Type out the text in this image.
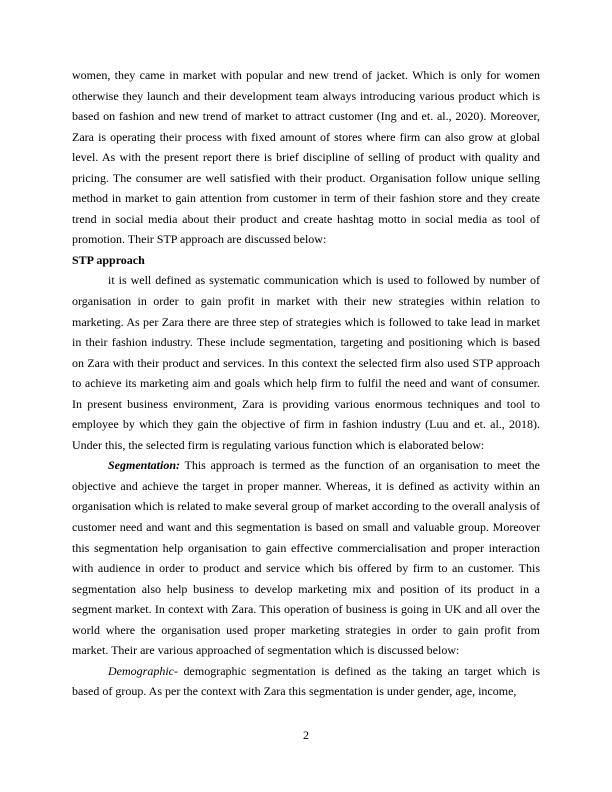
women, they came in market with popular and new trend of jacket. Which is only for women otherwise they launch and their development team always introducing various product which is based on fashion and new trend of market to attract customer (Ing and et. al., 2020). Moreover, Zara is operating their process with fixed amount of stores where firm can also grow at global level. As with the present report there is brief discipline of selling of product with quality and pricing. The consumer are well satisfied with their product. Organisation follow unique selling method in market to gain attention from customer in term of their fashion store and they create trend in social media about their product and create hashtag motto in social media as tool of promotion. Their STP approach are discussed below:

STP approach

it is well defined as systematic communication which is used to followed by number of organisation in order to gain profit in market with their new strategies within relation to marketing. As per Zara there are three step of strategies which is followed to take lead in market in their fashion industry. These include segmentation, targeting and positioning which is based on Zara with their product and services. In this context the selected firm also used STP approach to achieve its marketing aim and goals which help firm to fulfil the need and want of consumer. In present business environment, Zara is providing various enormous techniques and tool to employee by which they gain the objective of firm in fashion industry (Luu and et. al., 2018). Under this, the selected firm is regulating various function which is elaborated below:

Segmentation: This approach is termed as the function of an organisation to meet the objective and achieve the target in proper manner. Whereas, it is defined as activity within an organisation which is related to make several group of market according to the overall analysis of customer need and want and this segmentation is based on small and valuable group. Moreover this segmentation help organisation to gain effective commercialisation and proper interaction with audience in order to product and service which bis offered by firm to an customer. This segmentation also help business to develop marketing mix and position of its product in a segment market. In context with Zara. This operation of business is going in UK and all over the world where the organisation used proper marketing strategies in order to gain profit from market. Their are various approached of segmentation which is discussed below:

Demographic- demographic segmentation is defined as the taking an target which is based of group. As per the context with Zara this segmentation is under gender, age, income,

2
